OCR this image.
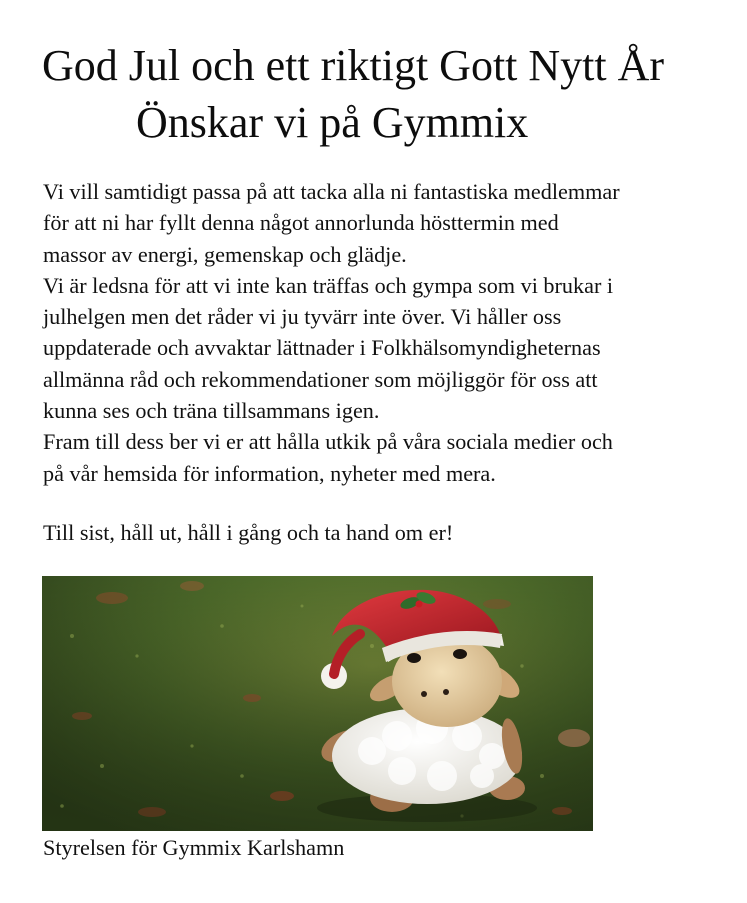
God Jul och ett riktigt Gott Nytt År
Önskar vi på Gymmix

Vi vill samtidigt passa på att tacka alla ni fantastiska medlemmar

för att ni har fyllt denna något annorlunda hösttermin med

massor av energi, gemenskap och glädje.

Vi är ledsna för att vi inte kan träffas och gympa som vi brukar i

julhelgen men det råder vi ju tyvärr inte över. Vi håller oss

uppdaterade och avvaktar lättnader i Folkhälsomyndigheternas

allmänna råd och rekommendationer som möjliggör för oss att

kunna ses och träna tillsammans igen.

Fram till dess ber vi er att hålla utkik på våra sociala medier och

på vår hemsida för information, nyheter med mera.

Till sist, håll ut, håll i gång och ta hand om er!

Styrelsen för Gymmix Karlshamn
